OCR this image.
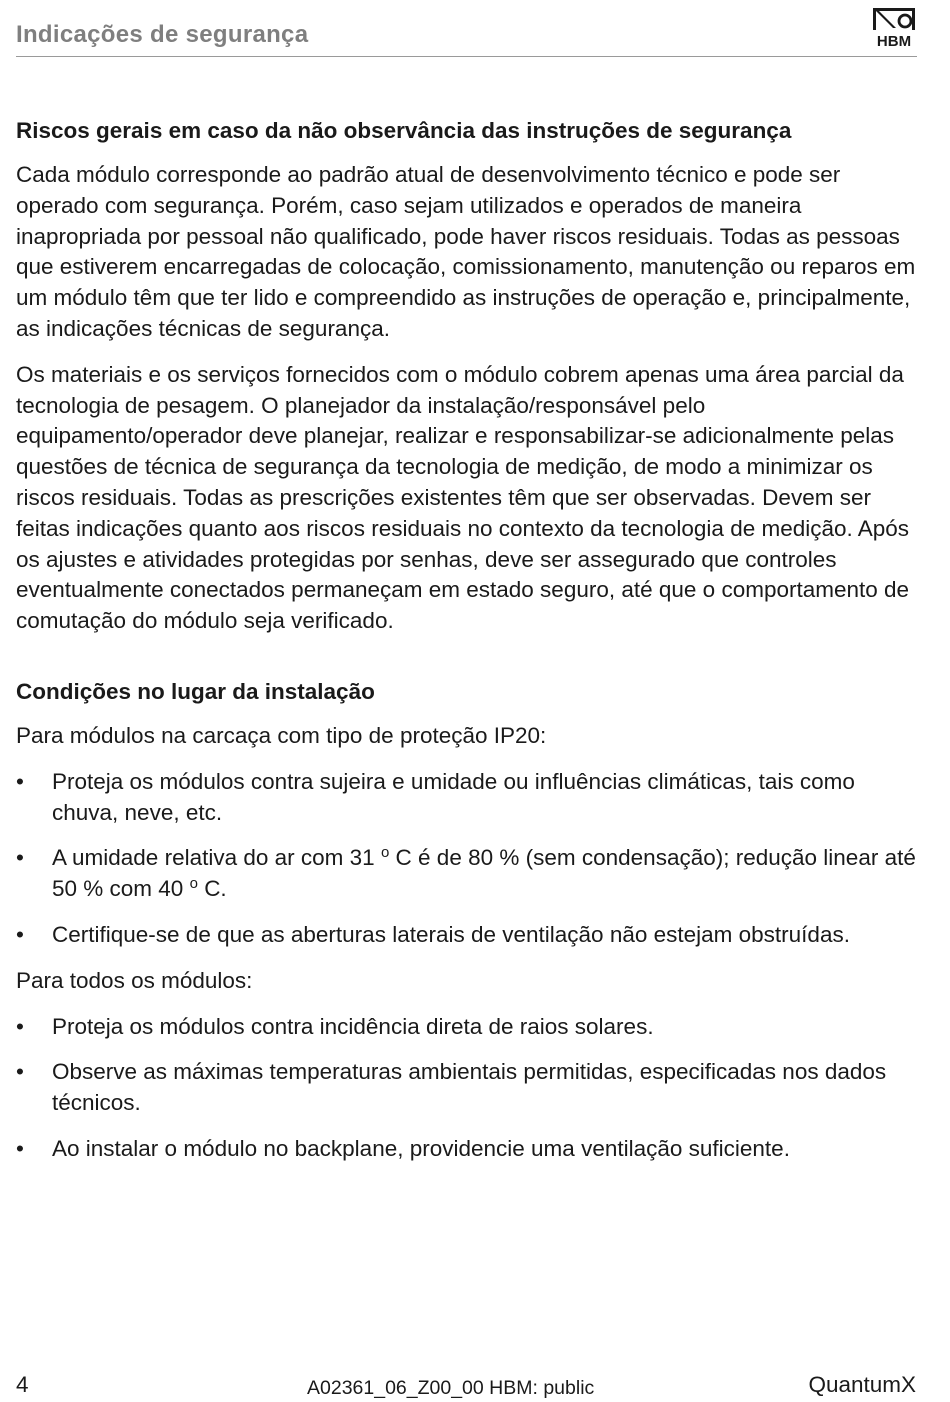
Indicações de segurança	HBM
Riscos gerais em caso da não observância das instruções de segurança

Cada módulo corresponde ao padrão atual de desenvolvimento técnico e pode ser operado com segurança. Porém, caso sejam utilizados e operados de maneira inapropriada por pessoal não qualificado, pode haver riscos residuais. Todas as pessoas que estiverem encarregadas de colocação, comissionamento, manutenção ou reparos em um módulo têm que ter lido e compreendido as instruções de operação e, principalmente, as indicações técnicas de segurança.

Os materiais e os serviços fornecidos com o módulo cobrem apenas uma área parcial da tecnologia de pesagem. O planejador da instalação/responsável pelo equipamento/operador deve planejar, realizar e responsabilizar-se adicionalmente pelas questões de técnica de segurança da tecnologia de medição, de modo a minimizar os riscos residuais. Todas as prescrições existentes têm que ser observadas. Devem ser feitas indicações quanto aos riscos residuais no contexto da tecnologia de medição. Após os ajustes e atividades protegidas por senhas, deve ser assegurado que controles eventualmente conectados permaneçam em estado seguro, até que o comportamento de comutação do módulo seja verificado.

Condições no lugar da instalação

Para módulos na carcaça com tipo de proteção IP20:

• Proteja os módulos contra sujeira e umidade ou influências climáticas, tais como chuva, neve, etc.
• A umidade relativa do ar com 31 $^o$ C é de 80 % (sem condensação); redução linear até 50 % com 40 $^o$ C.
• Certifique-se de que as aberturas laterais de ventilação não estejam obstruídas.

Para todos os módulos:

• Proteja os módulos contra incidência direta de raios solares.
• Observe as máximas temperaturas ambientais permitidas, especificadas nos dados técnicos.
• Ao instalar o módulo no backplane, providencie uma ventilação suficiente.
4	A02361_06_Z00_00 HBM: public	QuantumX
